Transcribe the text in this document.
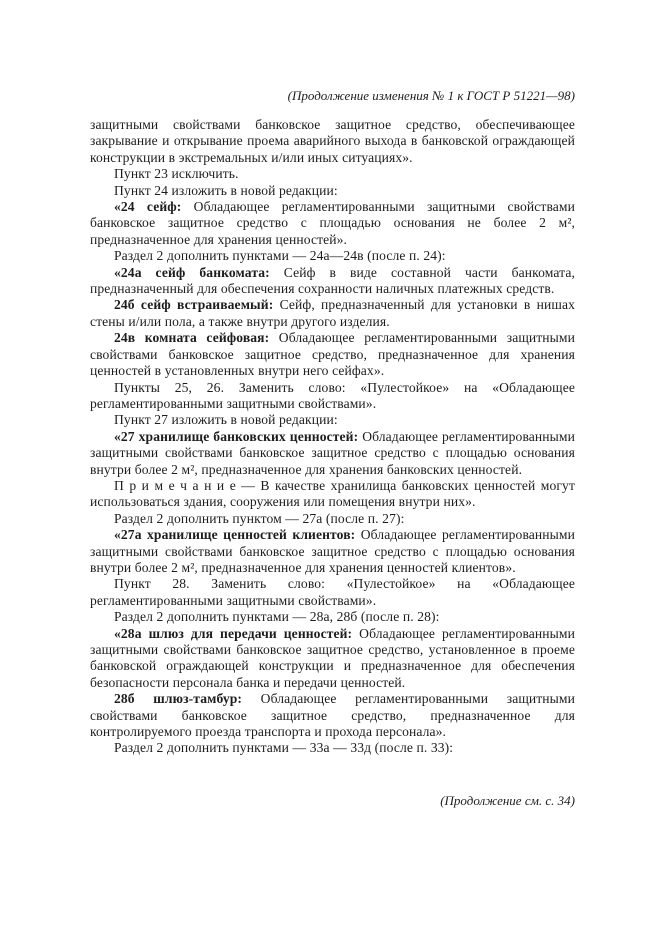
(Продолжение изменения № 1 к ГОСТ Р 51221—98)

защитными свойствами банковское защитное средство, обеспечивающее закрывание и открывание проема аварийного выхода в банковской ограждающей конструкции в экстремальных и/или иных ситуациях».

Пункт 23 исключить.

Пункт 24 изложить в новой редакции:

«24 сейф: Обладающее регламентированными защитными свойствами банковское защитное средство с площадью основания не более 2 м², предназначенное для хранения ценностей».

Раздел 2 дополнить пунктами — 24а—24в (после п. 24):

«24а сейф банкомата: Сейф в виде составной части банкомата, предназначенный для обеспечения сохранности наличных платежных средств.

24б сейф встраиваемый: Сейф, предназначенный для установки в нишах стены и/или пола, а также внутри другого изделия.

24в комната сейфовая: Обладающее регламентированными защитными свойствами банковское защитное средство, предназначенное для хранения ценностей в установленных внутри него сейфах».

Пункты 25, 26. Заменить слово: «Пулестойкое» на «Обладающее регламентированными защитными свойствами».

Пункт 27 изложить в новой редакции:

«27 хранилище банковских ценностей: Обладающее регламентированными защитными свойствами банковское защитное средство с площадью основания внутри более 2 м², предназначенное для хранения банковских ценностей.

П р и м е ч а н и е — В качестве хранилища банковских ценностей могут использоваться здания, сооружения или помещения внутри них».

Раздел 2 дополнить пунктом — 27а (после п. 27):

«27а хранилище ценностей клиентов: Обладающее регламентированными защитными свойствами банковское защитное средство с площадью основания внутри более 2 м², предназначенное для хранения ценностей клиентов».

Пункт 28. Заменить слово: «Пулестойкое» на «Обладающее регламентированными защитными свойствами».

Раздел 2 дополнить пунктами — 28а, 28б (после п. 28):

«28а шлюз для передачи ценностей: Обладающее регламентированными защитными свойствами банковское защитное средство, установленное в проеме банковской ограждающей конструкции и предназначенное для обеспечения безопасности персонала банка и передачи ценностей.

28б шлюз-тамбур: Обладающее регламентированными защитными свойствами банковское защитное средство, предназначенное для контролируемого проезда транспорта и прохода персонала».

Раздел 2 дополнить пунктами — 33а — 33д (после п. 33):

(Продолжение см. с. 34)
